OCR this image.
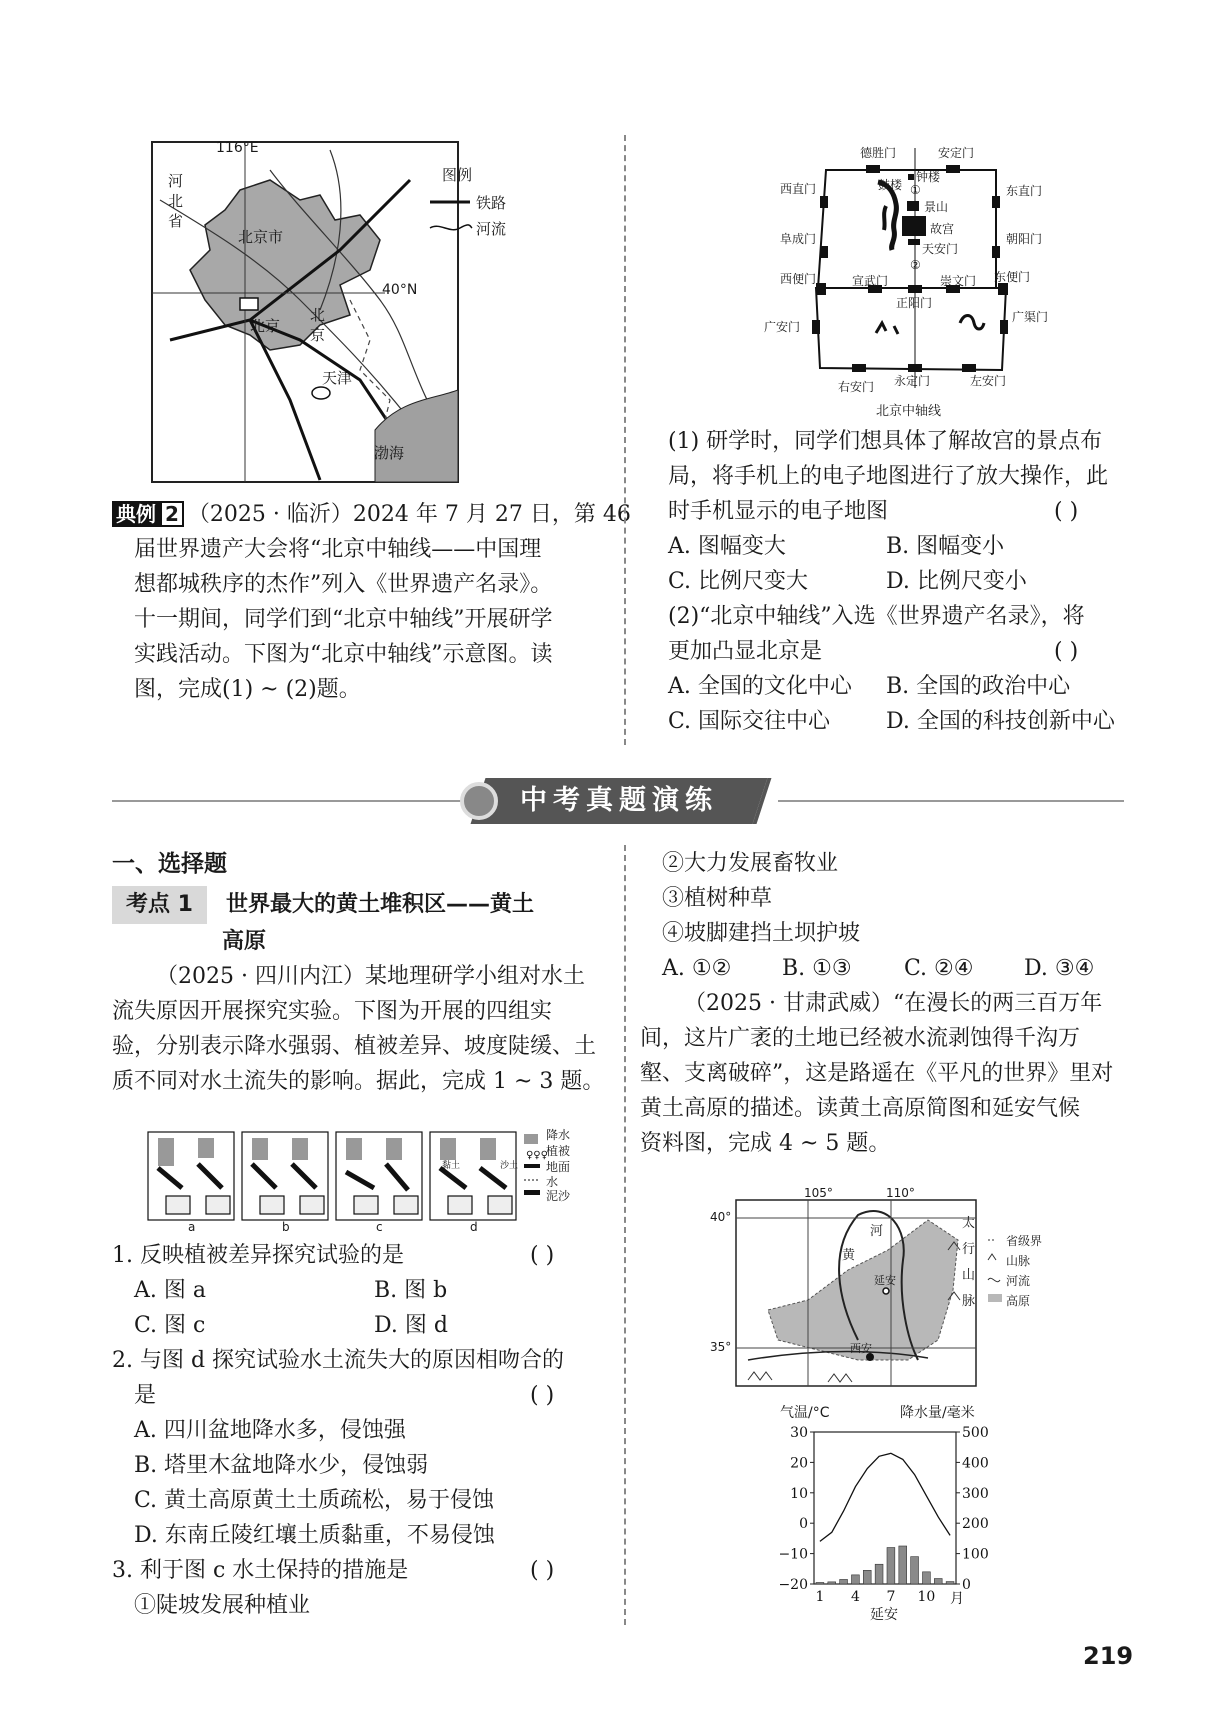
116°E
40°N
河
北
省
北京市
北京
北
京
天津
渤海
图例
铁路
河流
典例 2 （2025 · 临沂）2024 年 7 月 27 日，第 46
届世界遗产大会将“北京中轴线——中国理
想都城秩序的杰作”列入《世界遗产名录》。
十一期间，同学们到“北京中轴线”开展研学
实践活动。下图为“北京中轴线”示意图。读
图，完成(1) ~ (2)题。
德胜门	安定门
西直门	东直门
阜成门	朝阳门
西便门	宣武门	崇文门 东便门
正阳门
广安门
广渠门
右安门 永定门	左安门
鼓楼
钟楼
①
景山
故宫
天安门
②
北京中轴线
(1) 研学时，同学们想具体了解故宫的景点布
局，将手机上的电子地图进行了放大操作，此
时手机显示的电子地图	( )
A. 图幅变大	B. 图幅变小
C. 比例尺变大	D. 比例尺变小
(2)“北京中轴线”入选《世界遗产名录》，将
更加凸显北京是	( )
A. 全国的文化中心 B. 全国的政治中心
C. 国际交往中心	D. 全国的科技创新中心
中考真题演练
一、选择题
考点 1 世界最大的黄土堆积区——黄土
高原
（2025 · 四川内江）某地理研学小组对水土
流失原因开展探究实验。下图为开展的四组实
验，分别表示降水强弱、植被差异、坡度陡缓、土
质不同对水土流失的影响。据此，完成 1 ~ 3 题。
♀♀♀
降水
植被
地面
水
泥沙
a	b	c	d
黏土	沙土
1. 反映植被差异探究试验的是	( )
A. 图 a	B. 图 b
C. 图 c	D. 图 d
2. 与图 d 探究试验水土流失大的原因相吻合的
是	( )
A. 四川盆地降水多，侵蚀强
B. 塔里木盆地降水少，侵蚀弱
C. 黄土高原黄土土质疏松，易于侵蚀
D. 东南丘陵红壤土质黏重，不易侵蚀
3. 利于图 c 水土保持的措施是	( )
①陡坡发展种植业
②大力发展畜牧业
③植树种草
④坡脚建挡土坝护坡
A. ①② B. ①③ C. ②④ D. ③④
（2025 · 甘肃武威）“在漫长的两三百万年
间，这片广袤的土地已经被水流剥蚀得千沟万
壑、支离破碎”，这是路遥在《平凡的世界》里对
黄土高原的描述。读黄土高原简图和延安气候
资料图，完成 4 ~ 5 题。
105°	110°
40°
35°
河
黄
延安
西安
太
行
山
脉
省级界
山脉
河流
高原
气温/°C	降水量/毫米
30
20
10
0
−10
−20
500
400
300
200
100
0
1 4 7 10 月
延安
219
